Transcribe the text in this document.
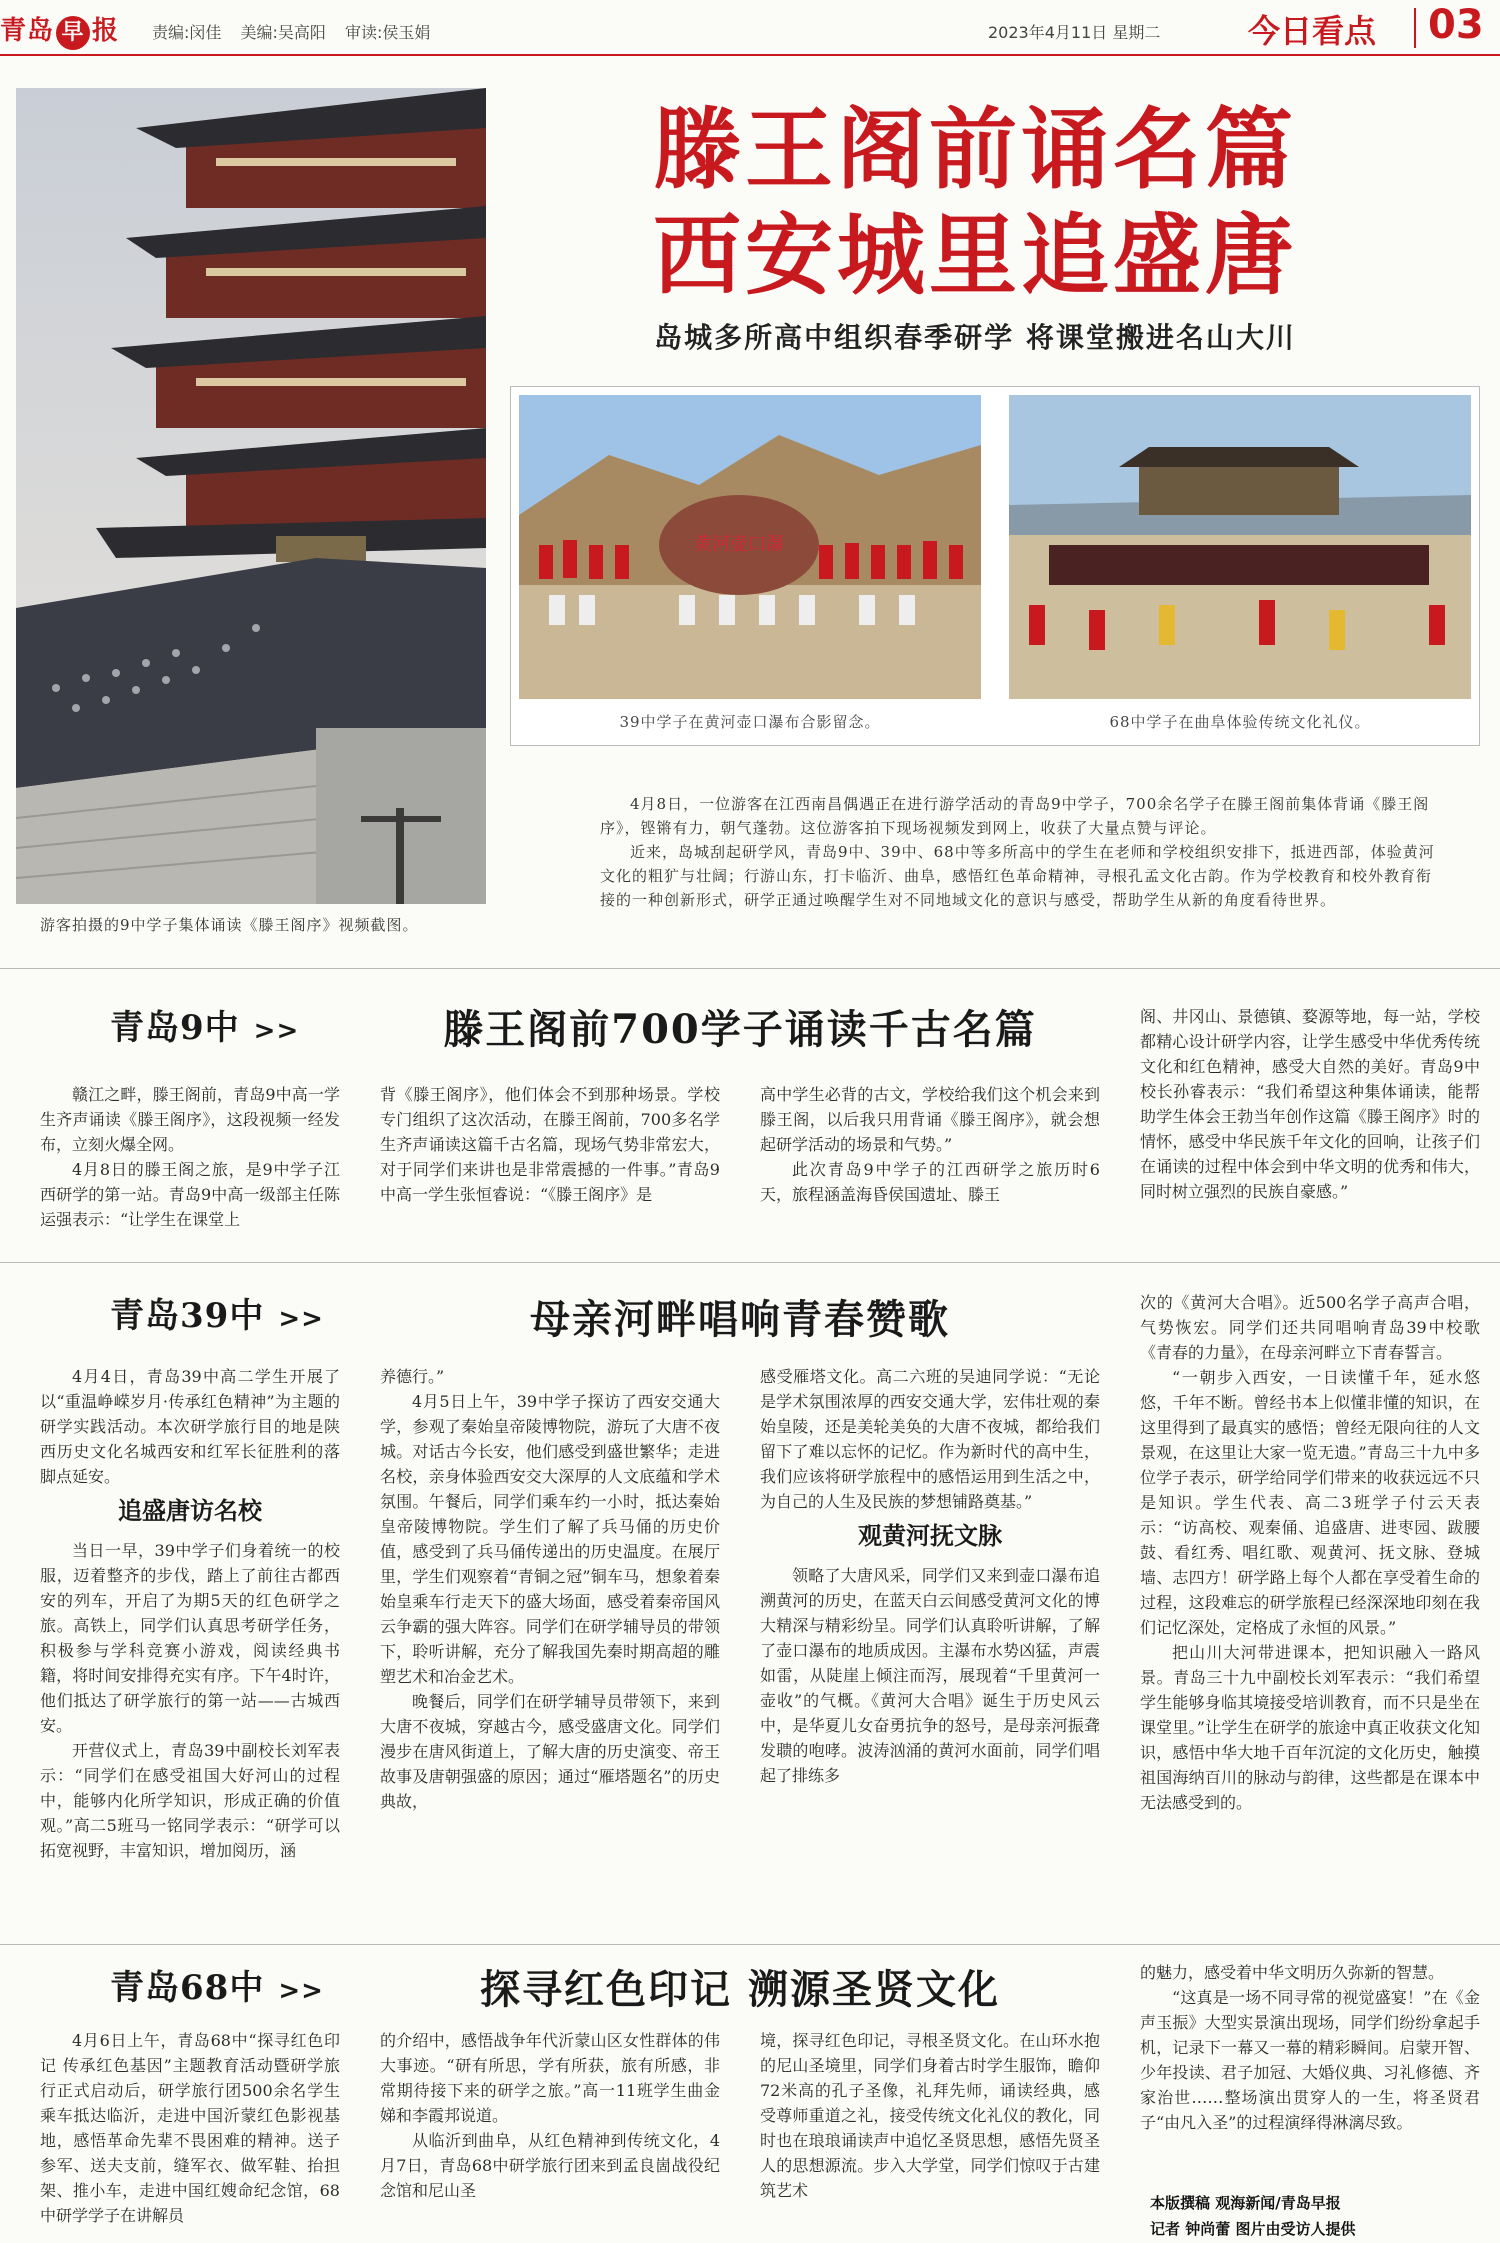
青岛 早 报 责编:闵佳 美编:吴高阳 审读:侯玉娟	2023年4月11日 星期二	今日看点 03
游客拍摄的9中学子集体诵读《滕王阁序》视频截图。
滕王阁前诵名篇
西安城里追盛唐
岛城多所高中组织春季研学 将课堂搬进名山大川
黄河壶口瀑
39中学子在黄河壶口瀑布合影留念。	68中学子在曲阜体验传统文化礼仪。

4月8日，一位游客在江西南昌偶遇正在进行游学活动的青岛9中学子，700余名学子在滕王阁前集体背诵《滕王阁序》，铿锵有力，朝气蓬勃。这位游客拍下现场视频发到网上，收获了大量点赞与评论。

近来，岛城刮起研学风，青岛9中、39中、68中等多所高中的学生在老师和学校组织安排下，抵进西部，体验黄河文化的粗犷与壮阔；行游山东，打卡临沂、曲阜，感悟红色革命精神，寻根孔孟文化古韵。作为学校教育和校外教育衔接的一种创新形式，研学正通过唤醒学生对不同地域文化的意识与感受，帮助学生从新的角度看待世界。

青岛9中 >>	滕王阁前700学子诵读千古名篇

赣江之畔，滕王阁前，青岛9中高一学生齐声诵读《滕王阁序》，这段视频一经发布，立刻火爆全网。

4月8日的滕王阁之旅，是9中学子江西研学的第一站。青岛9中高一级部主任陈运强表示：“让学生在课堂上

背《滕王阁序》，他们体会不到那种场景。学校专门组织了这次活动，在滕王阁前，700多名学生齐声诵读这篇千古名篇，现场气势非常宏大，对于同学们来讲也是非常震撼的一件事。”青岛9中高一学生张恒睿说：“《滕王阁序》是

高中学生必背的古文，学校给我们这个机会来到滕王阁，以后我只用背诵《滕王阁序》，就会想起研学活动的场景和气势。”

此次青岛9中学子的江西研学之旅历时6天，旅程涵盖海昏侯国遗址、滕王

阁、井冈山、景德镇、婺源等地，每一站，学校都精心设计研学内容，让学生感受中华优秀传统文化和红色精神，感受大自然的美好。青岛9中校长孙睿表示：“我们希望这种集体诵读，能帮助学生体会王勃当年创作这篇《滕王阁序》时的情怀，感受中华民族千年文化的回响，让孩子们在诵读的过程中体会到中华文明的优秀和伟大，同时树立强烈的民族自豪感。”

青岛39中 >>	母亲河畔唱响青春赞歌

4月4日，青岛39中高二学生开展了以“重温峥嵘岁月·传承红色精神”为主题的研学实践活动。本次研学旅行目的地是陕西历史文化名城西安和红军长征胜利的落脚点延安。

追盛唐访名校

当日一早，39中学子们身着统一的校服，迈着整齐的步伐，踏上了前往古都西安的列车，开启了为期5天的红色研学之旅。高铁上，同学们认真思考研学任务，积极参与学科竞赛小游戏，阅读经典书籍，将时间安排得充实有序。下午4时许，他们抵达了研学旅行的第一站——古城西安。

开营仪式上，青岛39中副校长刘军表示：“同学们在感受祖国大好河山的过程中，能够内化所学知识，形成正确的价值观。”高二5班马一铭同学表示：“研学可以拓宽视野，丰富知识，增加阅历，涵

养德行。”

4月5日上午，39中学子探访了西安交通大学，参观了秦始皇帝陵博物院，游玩了大唐不夜城。对话古今长安，他们感受到盛世繁华；走进名校，亲身体验西安交大深厚的人文底蕴和学术氛围。午餐后，同学们乘车约一小时，抵达秦始皇帝陵博物院。学生们了解了兵马俑的历史价值，感受到了兵马俑传递出的历史温度。在展厅里，学生们观察着“青铜之冠”铜车马，想象着秦始皇乘车行走天下的盛大场面，感受着秦帝国风云争霸的强大阵容。同学们在研学辅导员的带领下，聆听讲解，充分了解我国先秦时期高超的雕塑艺术和冶金艺术。

晚餐后，同学们在研学辅导员带领下，来到大唐不夜城，穿越古今，感受盛唐文化。同学们漫步在唐风街道上，了解大唐的历史演变、帝王故事及唐朝强盛的原因；通过“雁塔题名”的历史典故，

感受雁塔文化。高二六班的吴迪同学说：“无论是学术氛围浓厚的西安交通大学，宏伟壮观的秦始皇陵，还是美轮美奂的大唐不夜城，都给我们留下了难以忘怀的记忆。作为新时代的高中生，我们应该将研学旅程中的感悟运用到生活之中，为自己的人生及民族的梦想铺路奠基。”

观黄河抚文脉

领略了大唐风采，同学们又来到壶口瀑布追溯黄河的历史，在蓝天白云间感受黄河文化的博大精深与精彩纷呈。同学们认真聆听讲解，了解了壶口瀑布的地质成因。主瀑布水势凶猛，声震如雷，从陡崖上倾注而泻，展现着“千里黄河一壶收”的气概。《黄河大合唱》诞生于历史风云中，是华夏儿女奋勇抗争的怒号，是母亲河振聋发聩的咆哮。波涛汹涌的黄河水面前，同学们唱起了排练多

次的《黄河大合唱》。近500名学子高声合唱，气势恢宏。同学们还共同唱响青岛39中校歌《青春的力量》，在母亲河畔立下青春誓言。

“一朝步入西安，一日读懂千年，延水悠悠，千年不断。曾经书本上似懂非懂的知识，在这里得到了最真实的感悟；曾经无限向往的人文景观，在这里让大家一览无遗。”青岛三十九中多位学子表示，研学给同学们带来的收获远远不只是知识。学生代表、高二3班学子付云天表示：“访高校、观秦俑、追盛唐、进枣园、跋腰鼓、看红秀、唱红歌、观黄河、抚文脉、登城墙、志四方！研学路上每个人都在享受着生命的过程，这段难忘的研学旅程已经深深地印刻在我们记忆深处，定格成了永恒的风景。”

把山川大河带进课本，把知识融入一路风景。青岛三十九中副校长刘军表示：“我们希望学生能够身临其境接受培训教育，而不只是坐在课堂里。”让学生在研学的旅途中真正收获文化知识，感悟中华大地千百年沉淀的文化历史，触摸祖国海纳百川的脉动与韵律，这些都是在课本中无法感受到的。

青岛68中 >>	探寻红色印记 溯源圣贤文化

4月6日上午，青岛68中“探寻红色印记 传承红色基因”主题教育活动暨研学旅行正式启动后，研学旅行团500余名学生乘车抵达临沂，走进中国沂蒙红色影视基地，感悟革命先辈不畏困难的精神。送子参军、送夫支前，缝军衣、做军鞋、抬担架、推小车，走进中国红嫂命纪念馆，68中研学学子在讲解员

的介绍中，感悟战争年代沂蒙山区女性群体的伟大事迹。“研有所思，学有所获，旅有所感，非常期待接下来的研学之旅。”高一11班学生曲金娣和李霞邦说道。

从临沂到曲阜，从红色精神到传统文化，4月7日，青岛68中研学旅行团来到孟良崮战役纪念馆和尼山圣

境，探寻红色印记，寻根圣贤文化。在山环水抱的尼山圣境里，同学们身着古时学生服饰，瞻仰72米高的孔子圣像，礼拜先师，诵读经典，感受尊师重道之礼，接受传统文化礼仪的教化，同时也在琅琅诵读声中追忆圣贤思想，感悟先贤圣人的思想源流。步入大学堂，同学们惊叹于古建筑艺术

的魅力，感受着中华文明历久弥新的智慧。

“这真是一场不同寻常的视觉盛宴！”在《金声玉振》大型实景演出现场，同学们纷纷拿起手机，记录下一幕又一幕的精彩瞬间。启蒙开智、少年投读、君子加冠、大婚仪典、习礼修德、齐家治世……整场演出贯穿人的一生，将圣贤君子“由凡入圣”的过程演绎得淋漓尽致。

本版撰稿 观海新闻/青岛早报
记者 钟尚蕾 图片由受访人提供
